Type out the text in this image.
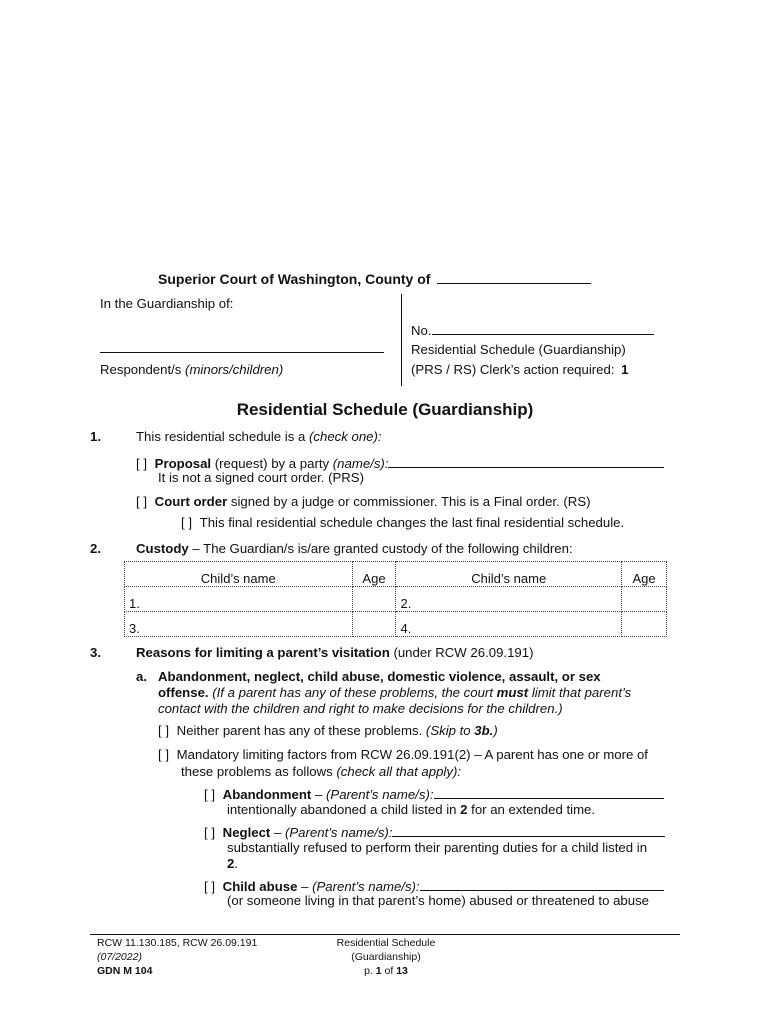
Superior Court of Washington, County of
In the Guardianship of:
Respondent/s (minors/children)
No.
Residential Schedule (Guardianship)
(PRS / RS) Clerk’s action required: 1
Residential Schedule (Guardianship)
1.	This residential schedule is a (check one):
[ ] Proposal (request) by a party (name/s):
It is not a signed court order. (PRS)
[ ] Court order signed by a judge or commissioner. This is a Final order. (RS)
[ ] This final residential schedule changes the last final residential schedule.
2.	Custody – The Guardian/s is/are granted custody of the following children:
Child’s name	Age	Child’s name	Age
1.		2.	
3.		4.	
3.	Reasons for limiting a parent’s visitation (under RCW 26.09.191)
a. Abandonment, neglect, child abuse, domestic violence, assault, or sex
offense. (If a parent has any of these problems, the court must limit that parent’s
contact with the children and right to make decisions for the children.)
[ ] Neither parent has any of these problems. (Skip to 3b.)
[ ] Mandatory limiting factors from RCW 26.09.191(2) – A parent has one or more of
these problems as follows (check all that apply):
[ ] Abandonment – (Parent’s name/s):
intentionally abandoned a child listed in 2 for an extended time.
[ ] Neglect – (Parent’s name/s):
substantially refused to perform their parenting duties for a child listed in
2.
[ ] Child abuse – (Parent’s name/s):
(or someone living in that parent’s home) abused or threatened to abuse
RCW 11.130.185, RCW 26.09.191
(07/2022)
GDN M 104
Residential Schedule
(Guardianship)
p. 1 of 13
